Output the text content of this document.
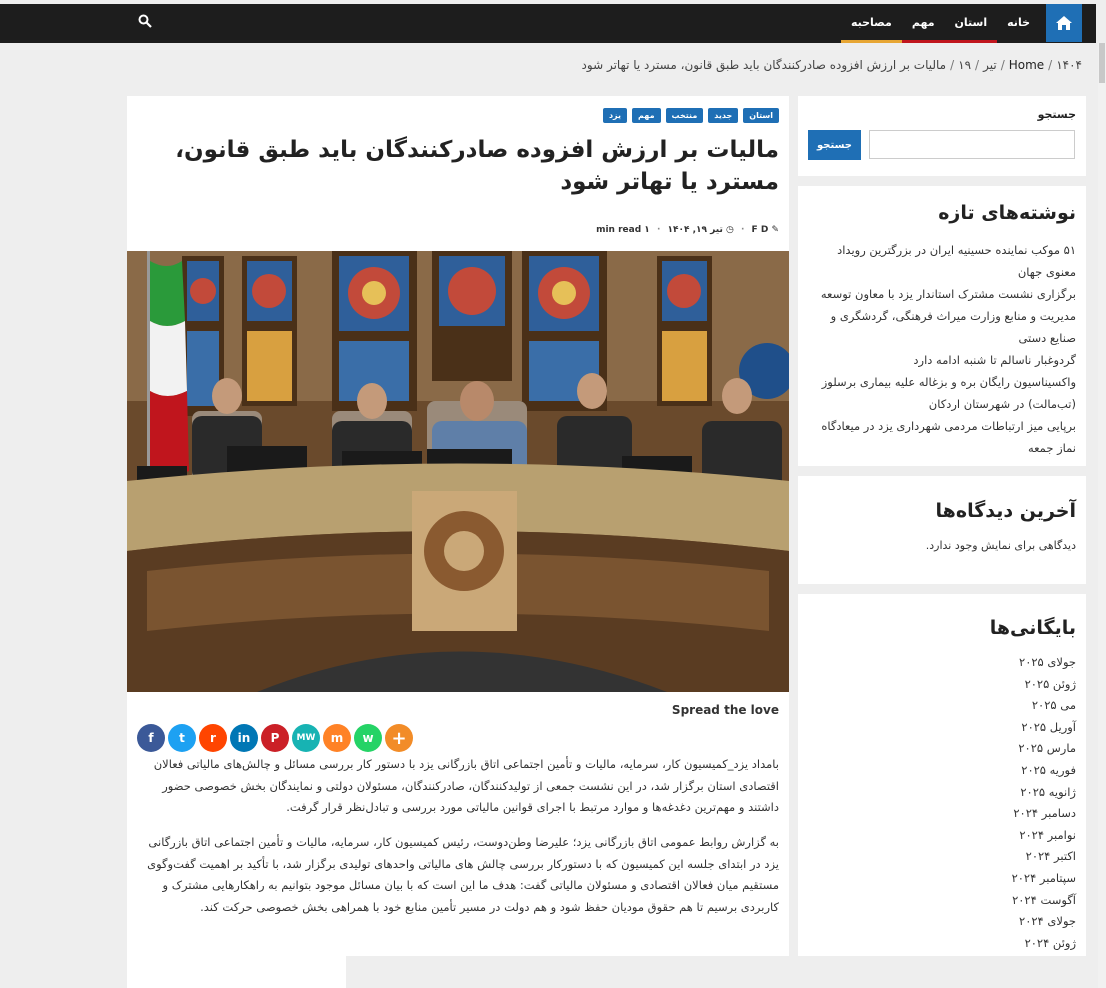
خانه
استان
مهم
مصاحبه
Home / ۱۴۰۴/تیر/۱۹/مالیات بر ارزش افزوده صادرکنندگان باید طبق قانون، مسترد یا تهاتر شود
استان
جدید
منتخب
مهم
یزد
مالیات بر ارزش افزوده صادرکنندگان باید طبق قانون، مسترد یا تهاتر شود
✎ F D · ◷ تیر ۱۹, ۱۴۰۴ · ۱ min read
Spread the love
f t r in P MW m w +

بامداد یزد_کمیسیون کار، سرمایه، مالیات و تأمین اجتماعی اتاق بازرگانی یزد با دستور کار بررسی مسائل و چالش‌های مالیاتی فعالان اقتصادی استان برگزار شد، در این نشست جمعی از تولیدکنندگان، صادرکنندگان، مسئولان دولتی و نمایندگان بخش خصوصی حضور داشتند و مهم‌ترین دغدغه‌ها و موارد مرتبط با اجرای قوانین مالیاتی مورد بررسی و تبادل‌نظر قرار گرفت.

به گزارش روابط عمومی اتاق بازرگانی یزد؛ علیرضا وطن‌دوست، رئیس کمیسیون کار، سرمایه، مالیات و تأمین اجتماعی اتاق بازرگانی یزد در ابتدای جلسه این کمیسیون که با دستورکار بررسی چالش های مالیاتی واحدهای تولیدی برگزار شد، با تأکید بر اهمیت گفت‌وگوی مستقیم میان فعالان اقتصادی و مسئولان مالیاتی گفت: هدف ما این است که با بیان مسائل موجود بتوانیم به راهکارهایی مشترک و کاربردی برسیم تا هم حقوق مودیان حفظ شود و هم دولت در مسیر تأمین منابع خود با همراهی بخش خصوصی حرکت کند.

جستجو
جستجو
نوشته‌های تازه
۵۱ موکب نماینده حسینیه ایران در بزرگترین رویداد معنوی جهان
برگزاری نشست مشترک استاندار یزد با معاون توسعه مدیریت و منابع وزارت میراث فرهنگی، گردشگری و صنایع دستی
گردوغبار ناسالم تا شنبه ادامه دارد
واکسیناسیون رایگان بره و بزغاله علیه بیماری برسلوز (تب‌مالت) در شهرستان اردکان
برپایی میز ارتباطات مردمی شهرداری یزد در میعادگاه نماز جمعه
آخرین دیدگاه‌ها
دیدگاهی برای نمایش وجود ندارد.
بایگانی‌ها
جولای ۲۰۲۵
ژوئن ۲۰۲۵
می ۲۰۲۵
آوریل ۲۰۲۵
مارس ۲۰۲۵
فوریه ۲۰۲۵
ژانویه ۲۰۲۵
دسامبر ۲۰۲۴
نوامبر ۲۰۲۴
اکتبر ۲۰۲۴
سپتامبر ۲۰۲۴
آگوست ۲۰۲۴
جولای ۲۰۲۴
ژوئن ۲۰۲۴
